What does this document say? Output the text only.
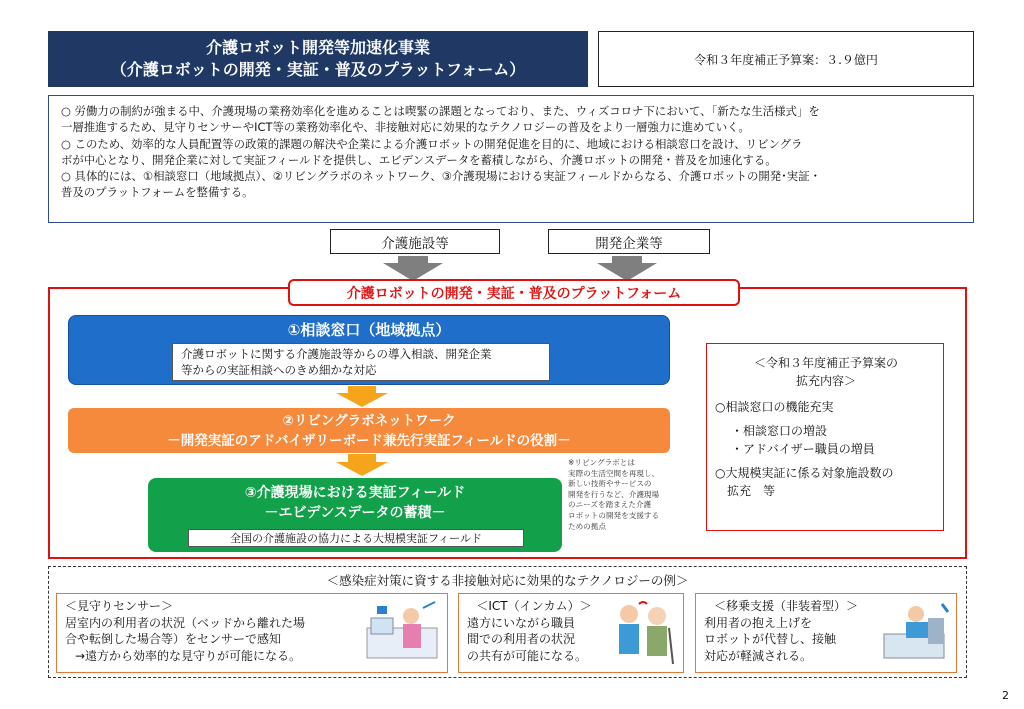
介護ロボット開発等加速化事業
（介護ロボットの開発・実証・普及のプラットフォーム）
令和３年度補正予算案：３.９億円

○ 労働力の制約が強まる中、介護現場の業務効率化を進めることは喫緊の課題となっており、また、ウィズコロナ下において、「新たな生活様式」を

一層推進するため、見守りセンサーやICT等の業務効率化や、非接触対応に効果的なテクノロジーの普及をより一層強力に進めていく。

○ このため、効率的な人員配置等の政策的課題の解決や企業による介護ロボットの開発促進を目的に、地域における相談窓口を設け、リビングラ

ボが中心となり、開発企業に対して実証フィールドを提供し、エビデンスデータを蓄積しながら、介護ロボットの開発・普及を加速化する。

○ 具体的には、①相談窓口（地域拠点）、②リビングラボのネットワーク、③介護現場における実証フィールドからなる、介護ロボットの開発･実証・

普及のプラットフォームを整備する。

介護施設等	開発企業等
介護ロボットの開発・実証・普及のプラットフォーム
①相談窓口（地域拠点）
介護ロボットに関する介護施設等からの導入相談、開発企業
等からの実証相談へのきめ細かな対応
②リビングラボネットワーク
－開発実証のアドバイザリーボード兼先行実証フィールドの役割－
③介護現場における実証フィールド
－エビデンスデータの蓄積－
全国の介護施設の協力による大規模実証フィールド
※リビングラボとは
実際の生活空間を再現し、
新しい技術やサービスの
開発を行うなど、介護現場
のニーズを踏まえた介護
ロボットの開発を支援する
ための拠点
＜令和３年度補正予算案の
拡充内容＞
○相談窓口の機能充実
・相談窓口の増設
・アドバイザー職員の増員
○大規模実証に係る対象施設数の
　拡充　等
＜感染症対策に資する非接触対応に効果的なテクノロジーの例＞
＜見守りセンサー＞
居室内の利用者の状況（ベッドから離れた場
合や転倒した場合等）をセンサーで感知
→遠方から効率的な見守りが可能になる。
＜ICT（インカム）＞
遠方にいながら職員
間での利用者の状況
の共有が可能になる。
＜移乗支援（非装着型）＞
利用者の抱え上げを
ロボットが代替し、接触
対応が軽減される。
2
